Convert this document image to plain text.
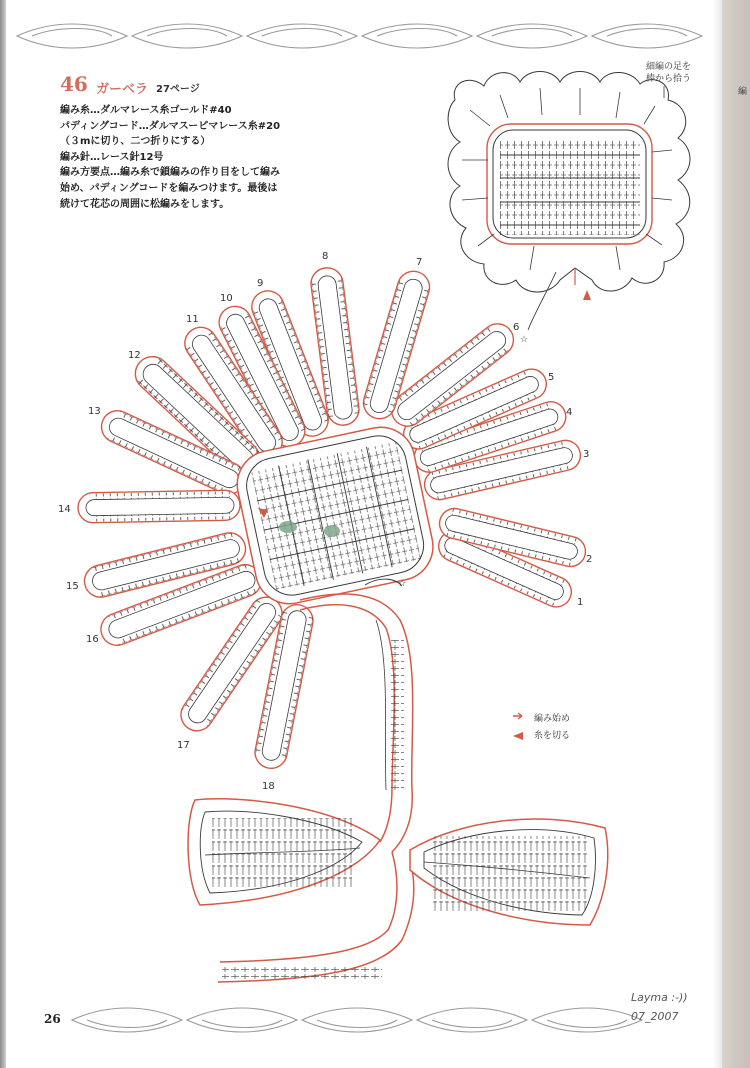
編
46 ガーベラ 27ページ
編み糸…ダルマレース糸ゴールド#40
パディングコード…ダルマスーピマレース糸#20
（３mに切り、二つ折りにする）
編み針…レース針12号
編み方要点…編み糸で鎖編みの作り目をして編み
始め、パディングコードを編みつけます。最後は
続けて花芯の周囲に松編みをします。
☆
細編の足を
棒から拾う
☆
1
2
3
4
5
6
7
8
9
10
11
12
13
14
15
16
17
18
編み始め
糸を切る
26
Layma :-))
07_2007
